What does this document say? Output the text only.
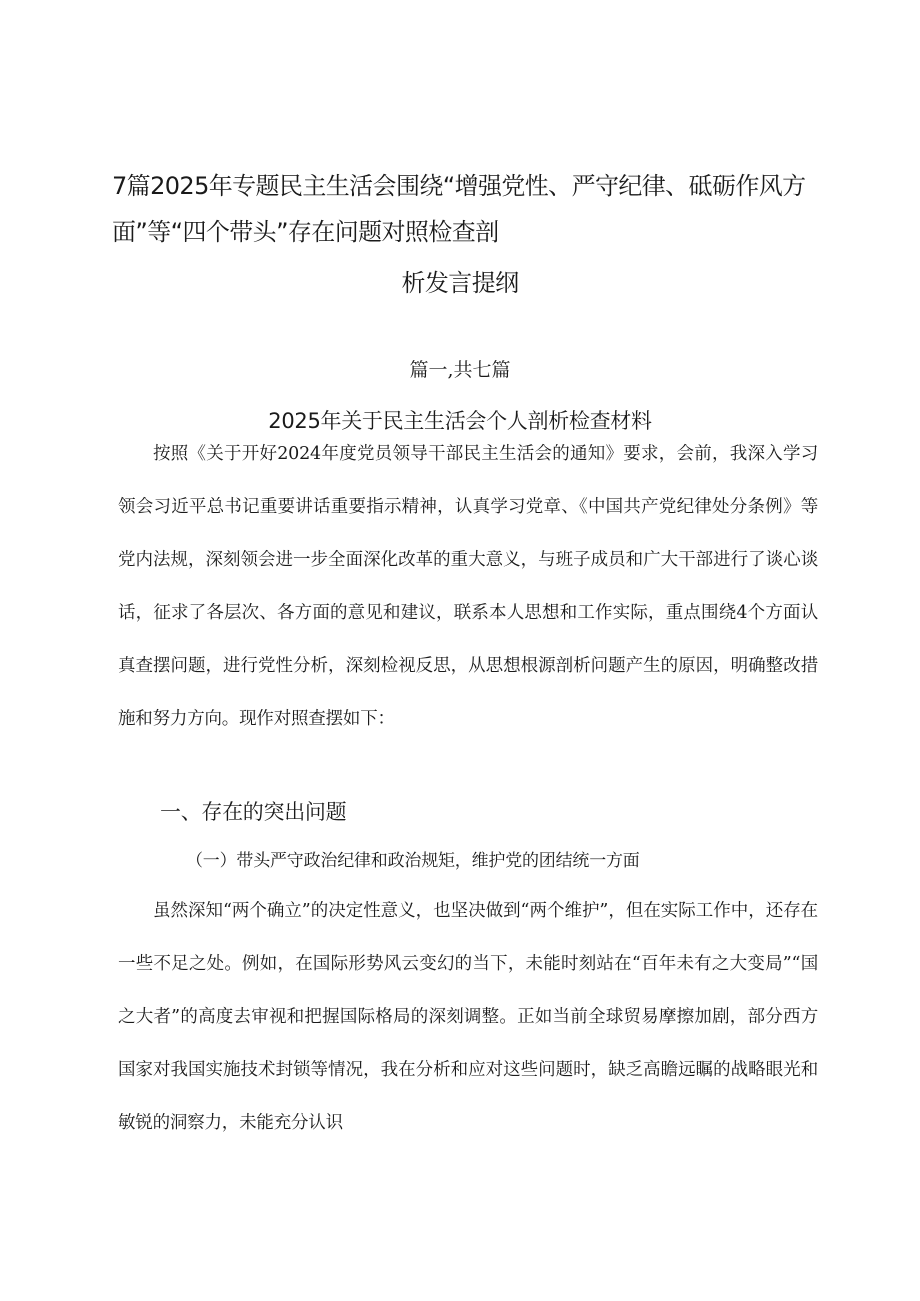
7篇2025年专题民主生活会围绕“增强党性、严守纪律、砥砺作风方面”等“四个带头”存在问题对照检查剖
析发言提纲
篇一,共七篇
2025年关于民主生活会个人剖析检查材料

按照《关于开好2024年度党员领导干部民主生活会的通知》要求，会前，我深入学习领会习近平总书记重要讲话重要指示精神，认真学习党章、《中国共产党纪律处分条例》等党内法规，深刻领会进一步全面深化改革的重大意义，与班子成员和广大干部进行了谈心谈话，征求了各层次、各方面的意见和建议，联系本人思想和工作实际，重点围绕4个方面认真查摆问题，进行党性分析，深刻检视反思，从思想根源剖析问题产生的原因，明确整改措施和努力方向。现作对照查摆如下：

一、存在的突出问题
（一）带头严守政治纪律和政治规矩，维护党的团结统一方面

虽然深知“两个确立”的决定性意义，也坚决做到“两个维护”，但在实际工作中，还存在一些不足之处。例如，在国际形势风云变幻的当下，未能时刻站在“百年未有之大变局”“国之大者”的高度去审视和把握国际格局的深刻调整。正如当前全球贸易摩擦加剧，部分西方国家对我国实施技术封锁等情况，我在分析和应对这些问题时，缺乏高瞻远瞩的战略眼光和敏锐的洞察力，未能充分认识
